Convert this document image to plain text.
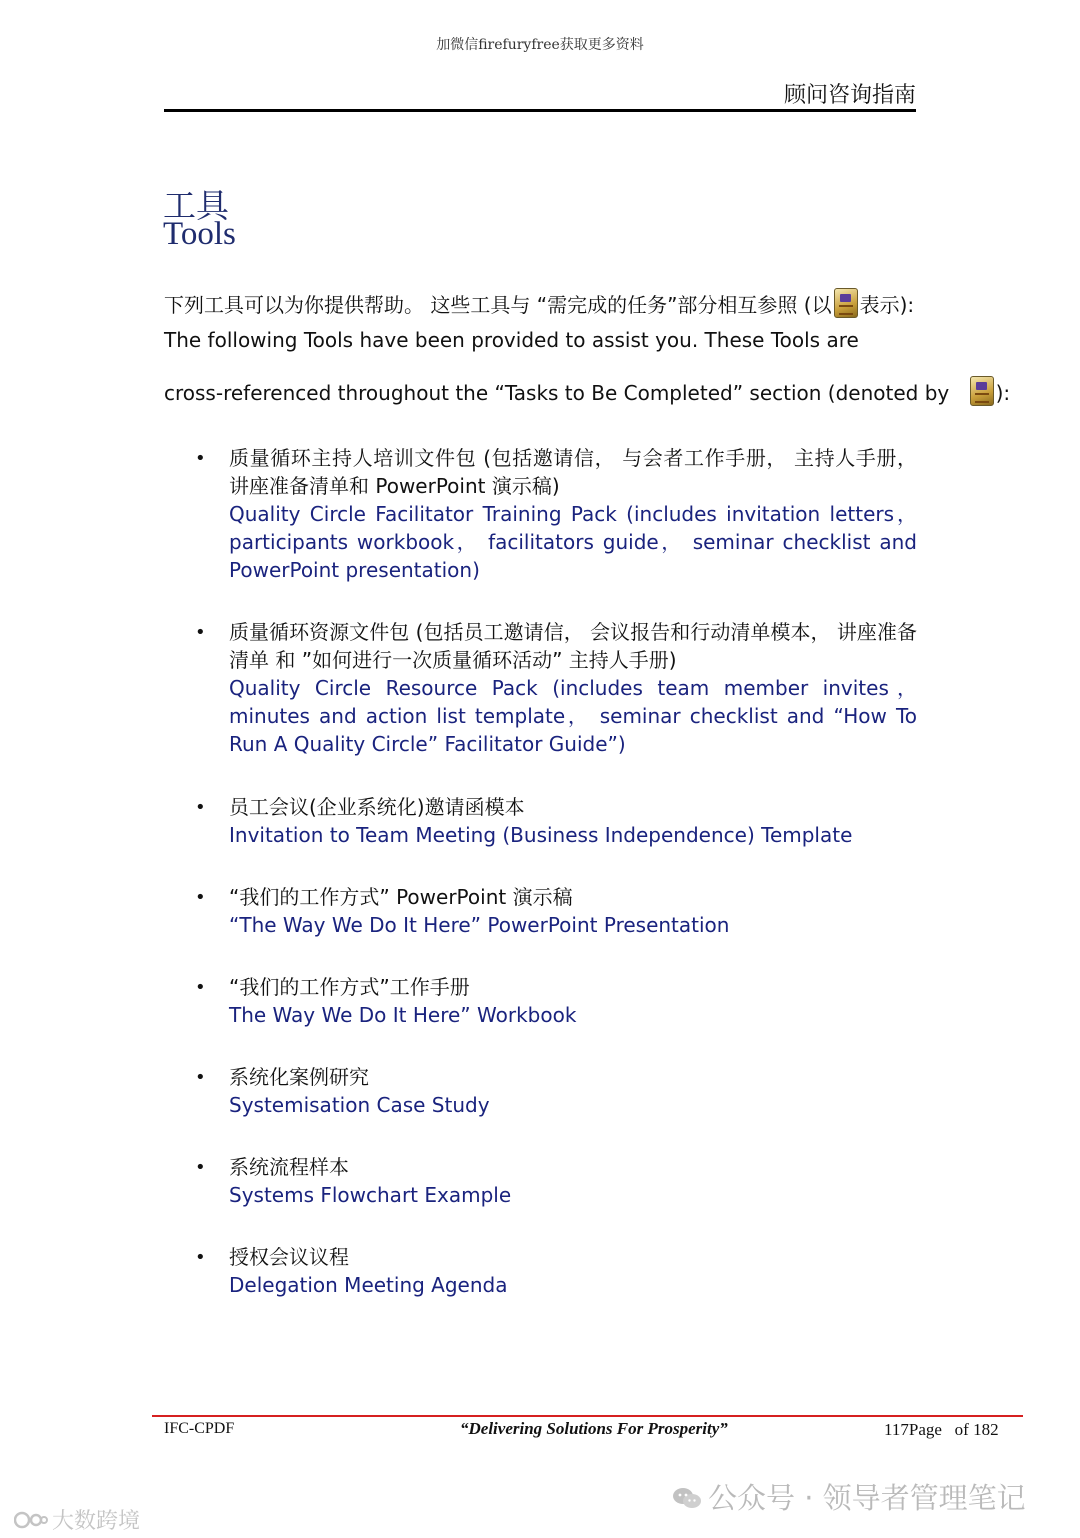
加微信firefuryfree获取更多资料
顾问咨询指南
工具
Tools
下列工具可以为你提供帮助。 这些工具与 “需完成的任务”部分相互参照 (以 表示):
The following Tools have been provided to assist you. These Tools are
cross-referenced throughout the “Tasks to Be Completed” section (denoted by ):
• 质量循环主持人培训文件包 (包括邀请信， 与会者工作手册， 主持人手册， 讲座准备清单和 PowerPoint 演示稿)
Quality Circle Facilitator Training Pack (includes invitation letters， participants workbook， facilitators guide， seminar checklist and PowerPoint presentation)
• 质量循环资源文件包 (包括员工邀请信， 会议报告和行动清单模本， 讲座准备清单 和 ”如何进行一次质量循环活动” 主持人手册)
Quality Circle Resource Pack (includes team member invites， minutes and action list template， seminar checklist and “How To Run A Quality Circle” Facilitator Guide”)
• 员工会议(企业系统化)邀请函模本
Invitation to Team Meeting (Business Independence) Template
• “我们的工作方式” PowerPoint 演示稿
“The Way We Do It Here” PowerPoint Presentation
• “我们的工作方式”工作手册
The Way We Do It Here” Workbook
• 系统化案例研究
Systemisation Case Study
• 系统流程样本
Systems Flowchart Example
• 授权会议议程
Delegation Meeting Agenda
IFC-CPDF	“Delivering Solutions For Prosperity”	117Page of 182
公众号 · 领导者管理笔记
大数跨境
